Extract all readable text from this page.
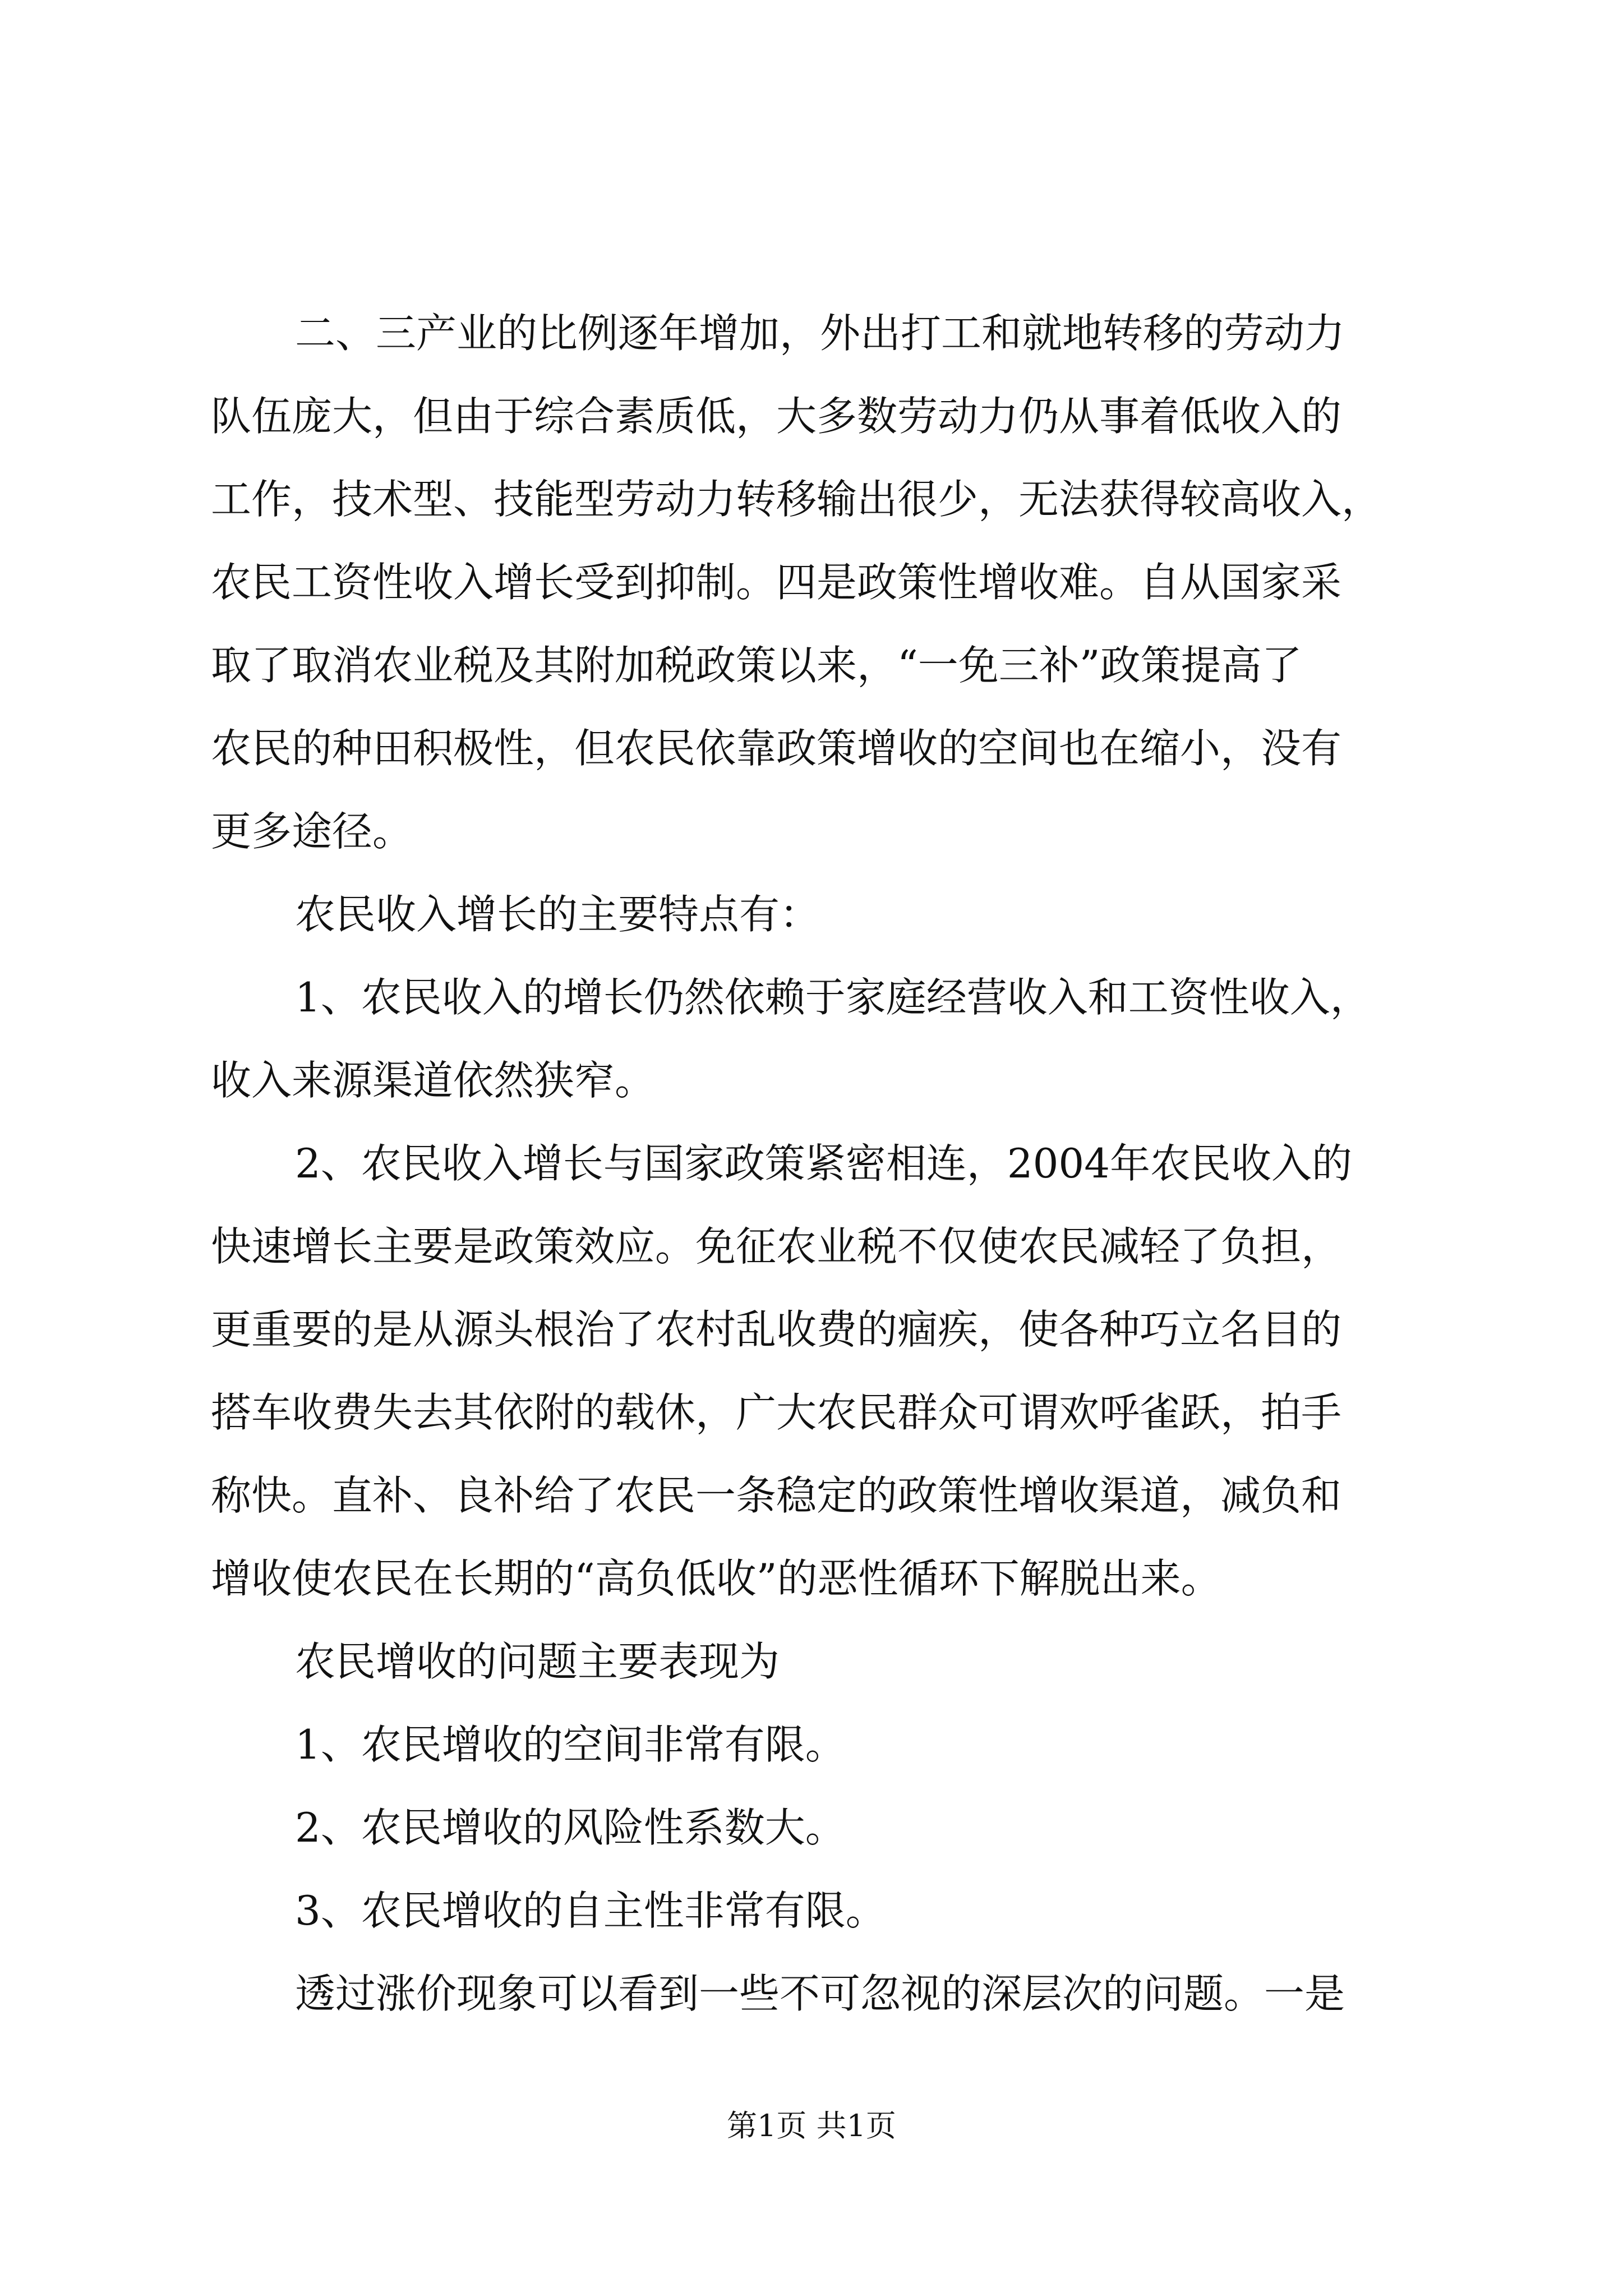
二、三产业的比例逐年增加，外出打工和就地转移的劳动力
队伍庞大，但由于综合素质低，大多数劳动力仍从事着低收入的
工作，技术型、技能型劳动力转移输出很少，无法获得较高收入，
农民工资性收入增长受到抑制。四是政策性增收难。自从国家采
取了取消农业税及其附加税政策以来，“一免三补”政策提高了
农民的种田积极性，但农民依靠政策增收的空间也在缩小，没有
更多途径。
农民收入增长的主要特点有：
1、农民收入的增长仍然依赖于家庭经营收入和工资性收入，
收入来源渠道依然狭窄。
2、农民收入增长与国家政策紧密相连，2004年农民收入的
快速增长主要是政策效应。免征农业税不仅使农民减轻了负担，
更重要的是从源头根治了农村乱收费的痼疾，使各种巧立名目的
搭车收费失去其依附的载休，广大农民群众可谓欢呼雀跃，拍手
称快。直补、良补给了农民一条稳定的政策性增收渠道，减负和
增收使农民在长期的“高负低收”的恶性循环下解脱出来。
农民增收的问题主要表现为
1、农民增收的空间非常有限。
2、农民增收的风险性系数大。
3、农民增收的自主性非常有限。
透过涨价现象可以看到一些不可忽视的深层次的问题。一是
第1页 共1页
